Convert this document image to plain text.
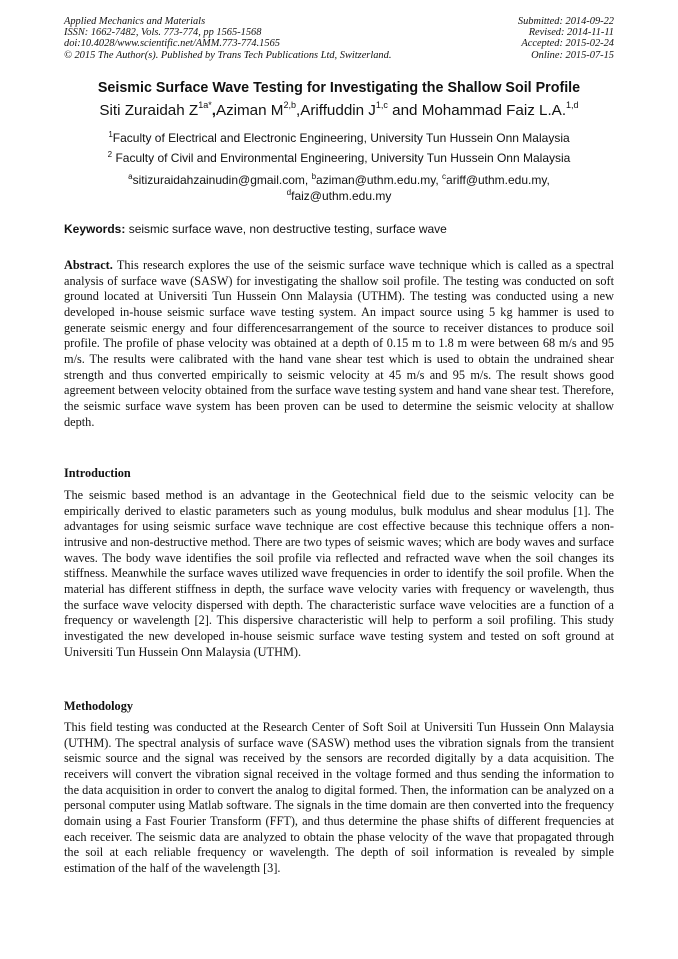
Applied Mechanics and Materials
ISSN: 1662-7482, Vols. 773-774, pp 1565-1568
doi:10.4028/www.scientific.net/AMM.773-774.1565
© 2015 The Author(s). Published by Trans Tech Publications Ltd, Switzerland.
Submitted: 2014-09-22
Revised: 2014-11-11
Accepted: 2015-02-24
Online: 2015-07-15
Seismic Surface Wave Testing for Investigating the Shallow Soil Profile
Siti Zuraidah $Z^{1a*},Aziman$ M$^{2,b}$,Ariffuddin J$^{1,c}$ and Mohammad Faiz L.A.$^{1,d}$
$^1$Faculty of Electrical and Electronic Engineering, University Tun Hussein Onn Malaysia
$^2$ Faculty of Civil and Environmental Engineering, University Tun Hussein Onn Malaysia
$^a$sitizuraidahzainudin@gmail.com, $^b$aziman@uthm.edu.my, $^c$ariff@uthm.edu.my,
$^d$faiz@uthm.edu.my
Keywords: seismic surface wave, non destructive testing, surface wave
Abstract. This research explores the use of the seismic surface wave technique which is called as a spectral analysis of surface wave (SASW) for investigating the shallow soil profile. The testing was conducted on soft ground located at Universiti Tun Hussein Onn Malaysia (UTHM). The testing was conducted using a new developed in-house seismic surface wave testing system. An impact source using 5 kg hammer is used to generate seismic energy and four differencesarrangement of the source to receiver distances to produce soil profile. The profile of phase velocity was obtained at a depth of 0.15 m to 1.8 m were between 68 m/s and 95 m/s. The results were calibrated with the hand vane shear test which is used to obtain the undrained shear strength and thus converted empirically to seismic velocity at 45 m/s and 95 m/s. The result shows good agreement between velocity obtained from the surface wave testing system and hand vane shear test. Therefore, the seismic surface wave system has been proven can be used to determine the seismic velocity at shallow depth.
Introduction
The seismic based method is an advantage in the Geotechnical field due to the seismic velocity can be empirically derived to elastic parameters such as young modulus, bulk modulus and shear modulus [1]. The advantages for using seismic surface wave technique are cost effective because this technique offers a non- intrusive and non-destructive method. There are two types of seismic waves; which are body waves and surface waves. The body wave identifies the soil profile via reflected and refracted wave when the soil changes its stiffness. Meanwhile the surface waves utilized wave frequencies in order to identify the soil profile. When the material has different stiffness in depth, the surface wave velocity varies with frequency or wavelength, thus the surface wave velocity dispersed with depth. The characteristic surface wave velocities are a function of a frequency or wavelength [2]. This dispersive characteristic will help to perform a soil profiling. This study investigated the new developed in-house seismic surface wave testing system and tested on soft ground at Universiti Tun Hussein Onn Malaysia (UTHM).
Methodology
This field testing was conducted at the Research Center of Soft Soil at Universiti Tun Hussein Onn Malaysia (UTHM). The spectral analysis of surface wave (SASW) method uses the vibration signals from the transient seismic source and the signal was received by the sensors are recorded digitally by a data acquisition. The receivers will convert the vibration signal received in the voltage formed and thus sending the information to the data acquisition in order to convert the analog to digital formed. Then, the information can be analyzed on a personal computer using Matlab software. The signals in the time domain are then converted into the frequency domain using a Fast Fourier Transform (FFT), and thus determine the phase shifts of different frequencies at each receiver. The seismic data are analyzed to obtain the phase velocity of the wave that propagated through the soil at each reliable frequency or wavelength. The depth of soil information is revealed by simple estimation of the half of the wavelength [3].
